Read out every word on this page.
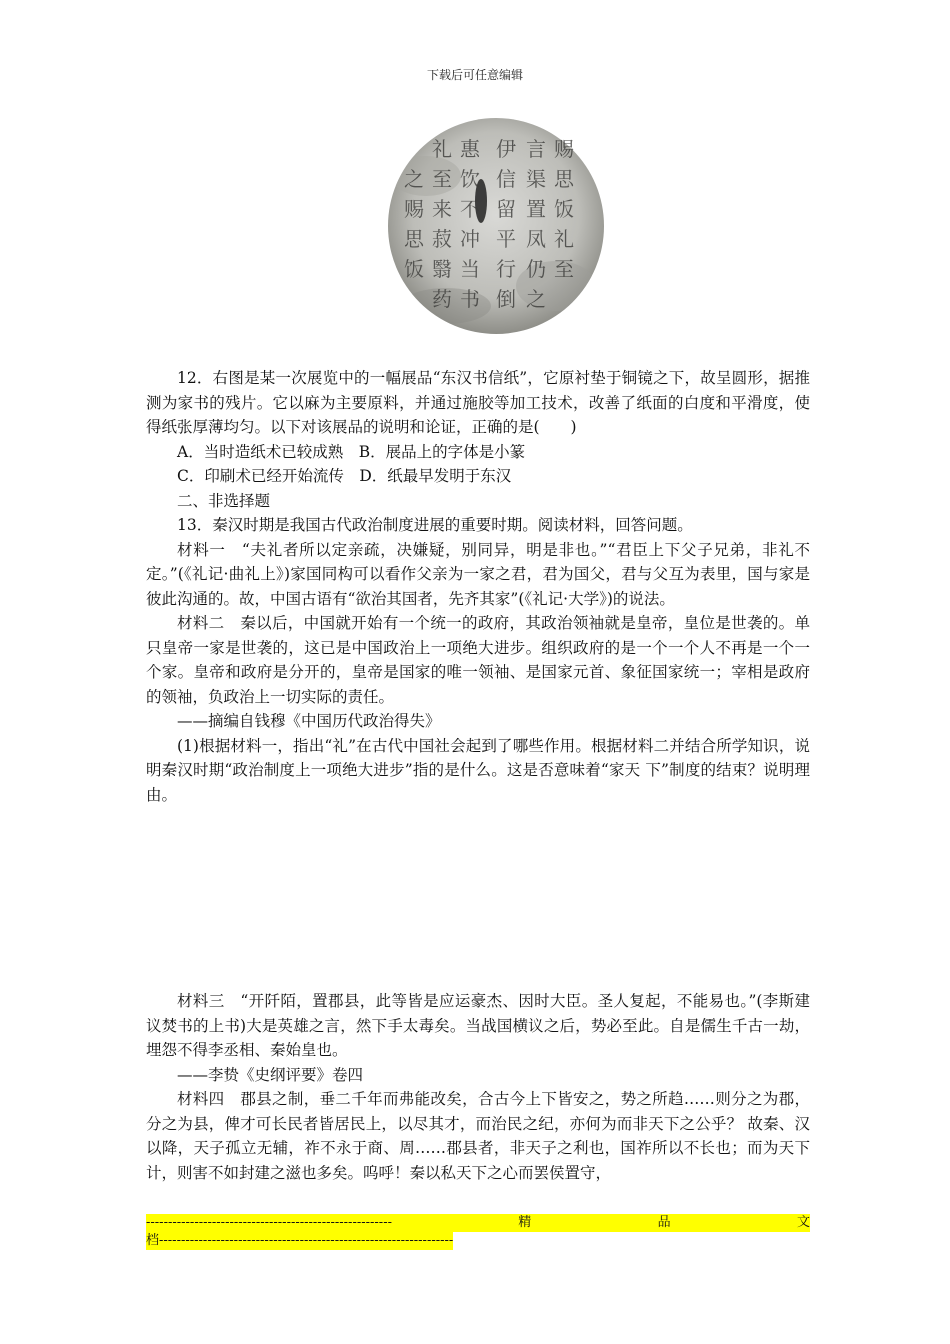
下载后可任意编辑
之
赐
思
饭
礼
至
来
菽
翳
药
惠
饮
不
冲
当
书
伊
信
留
平
行
倒
言
渠
置
凤
仍
之
赐
思
饭
礼
至

12．右图是某一次展览中的一幅展品“东汉书信纸”，它原衬垫于铜镜之下，故呈圆形，据推测为家书的残片。它以麻为主要原料，并通过施胶等加工技术，改善了纸面的白度和平滑度，使得纸张厚薄均匀。以下对该展品的说明和论证，正确的是(　　)

A．当时造纸术已较成熟　B．展品上的字体是小篆

C．印刷术已经开始流传　D．纸最早发明于东汉

二、非选择题

13．秦汉时期是我国古代政治制度进展的重要时期。阅读材料，回答问题。

材料一　“夫礼者所以定亲疏，决嫌疑，别同异，明是非也。”“君臣上下父子兄弟，非礼不定。”(《礼记·曲礼上》)家国同构可以看作父亲为一家之君，君为国父，君与父互为表里，国与家是彼此沟通的。故，中国古语有“欲治其国者，先齐其家”(《礼记·大学》)的说法。

材料二　秦以后，中国就开始有一个统一的政府，其政治领袖就是皇帝，皇位是世袭的。单只皇帝一家是世袭的，这已是中国政治上一项绝大进步。组织政府的是一个一个人不再是一个一个家。皇帝和政府是分开的，皇帝是国家的唯一领袖、是国家元首、象征国家统一；宰相是政府的领袖，负政治上一切实际的责任。

——摘编自钱穆《中国历代政治得失》

(1)根据材料一，指出“礼”在古代中国社会起到了哪些作用。根据材料二并结合所学知识，说明秦汉时期“政治制度上一项绝大进步”指的是什么。这是否意味着“家天 下”制度的结束？说明理由。

材料三　“开阡陌，置郡县，此等皆是应运豪杰、因时大臣。圣人复起，不能易也。”(李斯建议焚书的上书)大是英雄之言，然下手太毒矣。当战国横议之后，势必至此。自是儒生千古一劫，埋怨不得李丞相、秦始皇也。

——李贽《史纲评要》卷四

材料四　郡县之制，垂二千年而弗能改矣，合古今上下皆安之，势之所趋……则分之为郡，分之为县，俾才可长民者皆居民上，以尽其才，而治民之纪，亦何为而非天下之公乎？ 故秦、汉以降，天子孤立无辅，祚不永于商、周……郡县者，非天子之利也，国祚所以不长也；而为天下计，则害不如封建之滋也多矣。呜呼！秦以私天下之心而罢侯置守，

--------------------------------------------------------	精	品	文
档-------------------------------------------------------------------
